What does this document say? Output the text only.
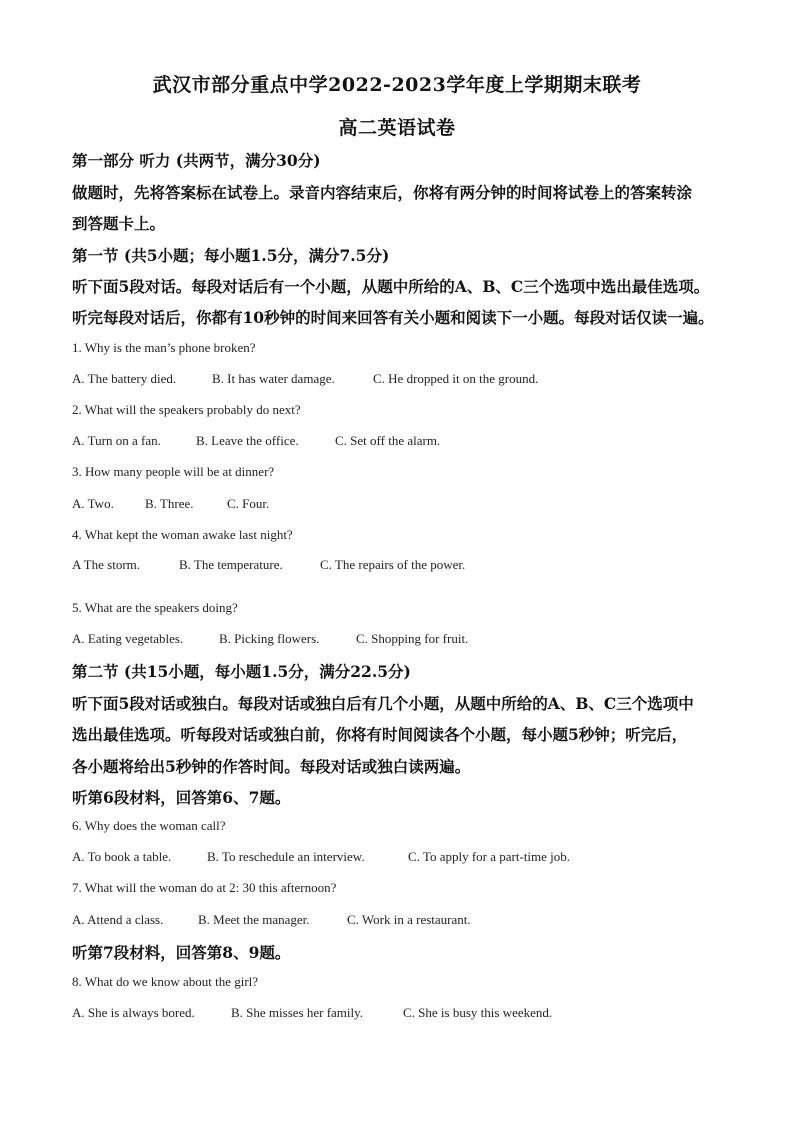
武汉市部分重点中学2022-2023学年度上学期期末联考
高二英语试卷
第一部分 听力 (共两节，满分30分)
做题时，先将答案标在试卷上。录音内容结束后，你将有两分钟的时间将试卷上的答案转涂
到答题卡上。
第一节 (共5小题；每小题1.5分，满分7.5分)
听下面5段对话。每段对话后有一个小题，从题中所给的A、B、C三个选项中选出最佳选项。
听完每段对话后，你都有10秒钟的时间来回答有关小题和阅读下一小题。每段对话仅读一遍。
1. Why is the man’s phone broken?
A. The battery died.	B. It has water damage.	C. He dropped it on the ground.
2. What will the speakers probably do next?
A. Turn on a fan.	B. Leave the office.	C. Set off the alarm.
3. How many people will be at dinner?
A. Two. B. Three.	C. Four.
4. What kept the woman awake last night?
A The storm.	B. The temperature.	C. The repairs of the power.
5. What are the speakers doing?
A. Eating vegetables.	B. Picking flowers.	C. Shopping for fruit.
第二节 (共15小题，每小题1.5分，满分22.5分)
听下面5段对话或独白。每段对话或独白后有几个小题，从题中所给的A、B、C三个选项中
选出最佳选项。听每段对话或独白前，你将有时间阅读各个小题，每小题5秒钟；听完后，
各小题将给出5秒钟的作答时间。每段对话或独白读两遍。
听第6段材料，回答第6、7题。
6. Why does the woman call?
A. To book a table.	B. To reschedule an interview.	C. To apply for a part-time job.
7. What will the woman do at 2: 30 this afternoon?
A. Attend a class.	B. Meet the manager.	C. Work in a restaurant.
听第7段材料，回答第8、9题。
8. What do we know about the girl?
A. She is always bored.	B. She misses her family.	C. She is busy this weekend.
